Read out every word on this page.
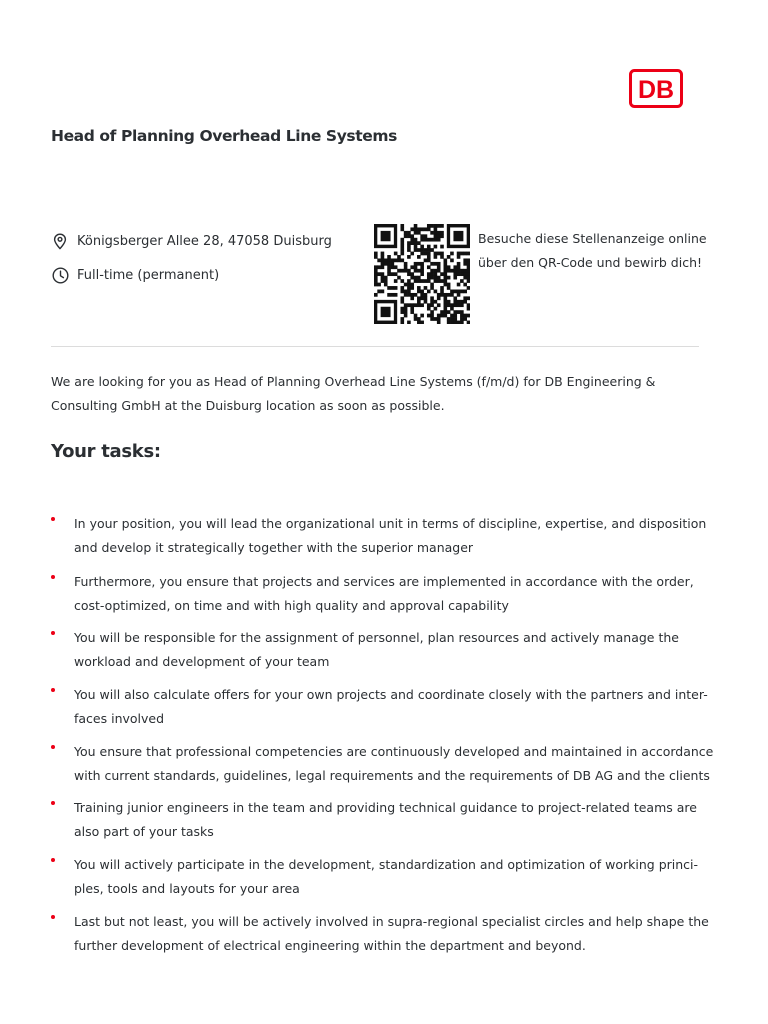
DB
Head of Planning Overhead Line Systems
Königsberger Allee 28, 47058 Duisburg
Full-time (permanent)

Besuche diese Stellenanzeige online
über den QR-Code und bewirb dich!

We are looking for you as Head of Planning Overhead Line Systems (f/m/d) for DB Engineering &
Consulting GmbH at the Duisburg location as soon as possible.

Your tasks:
In your position, you will lead the organizational unit in terms of discipline, expertise, and disposition
and develop it strategically together with the superior manager
Furthermore, you ensure that projects and services are implemented in accordance with the order,
cost-optimized, on time and with high quality and approval capability
You will be responsible for the assignment of personnel, plan resources and actively manage the
workload and development of your team
You will also calculate offers for your own projects and coordinate closely with the partners and inter-
faces involved
You ensure that professional competencies are continuously developed and maintained in accordance
with current standards, guidelines, legal requirements and the requirements of DB AG and the clients
Training junior engineers in the team and providing technical guidance to project-related teams are
also part of your tasks
You will actively participate in the development, standardization and optimization of working princi-
ples, tools and layouts for your area
Last but not least, you will be actively involved in supra-regional specialist circles and help shape the
further development of electrical engineering within the department and beyond.
